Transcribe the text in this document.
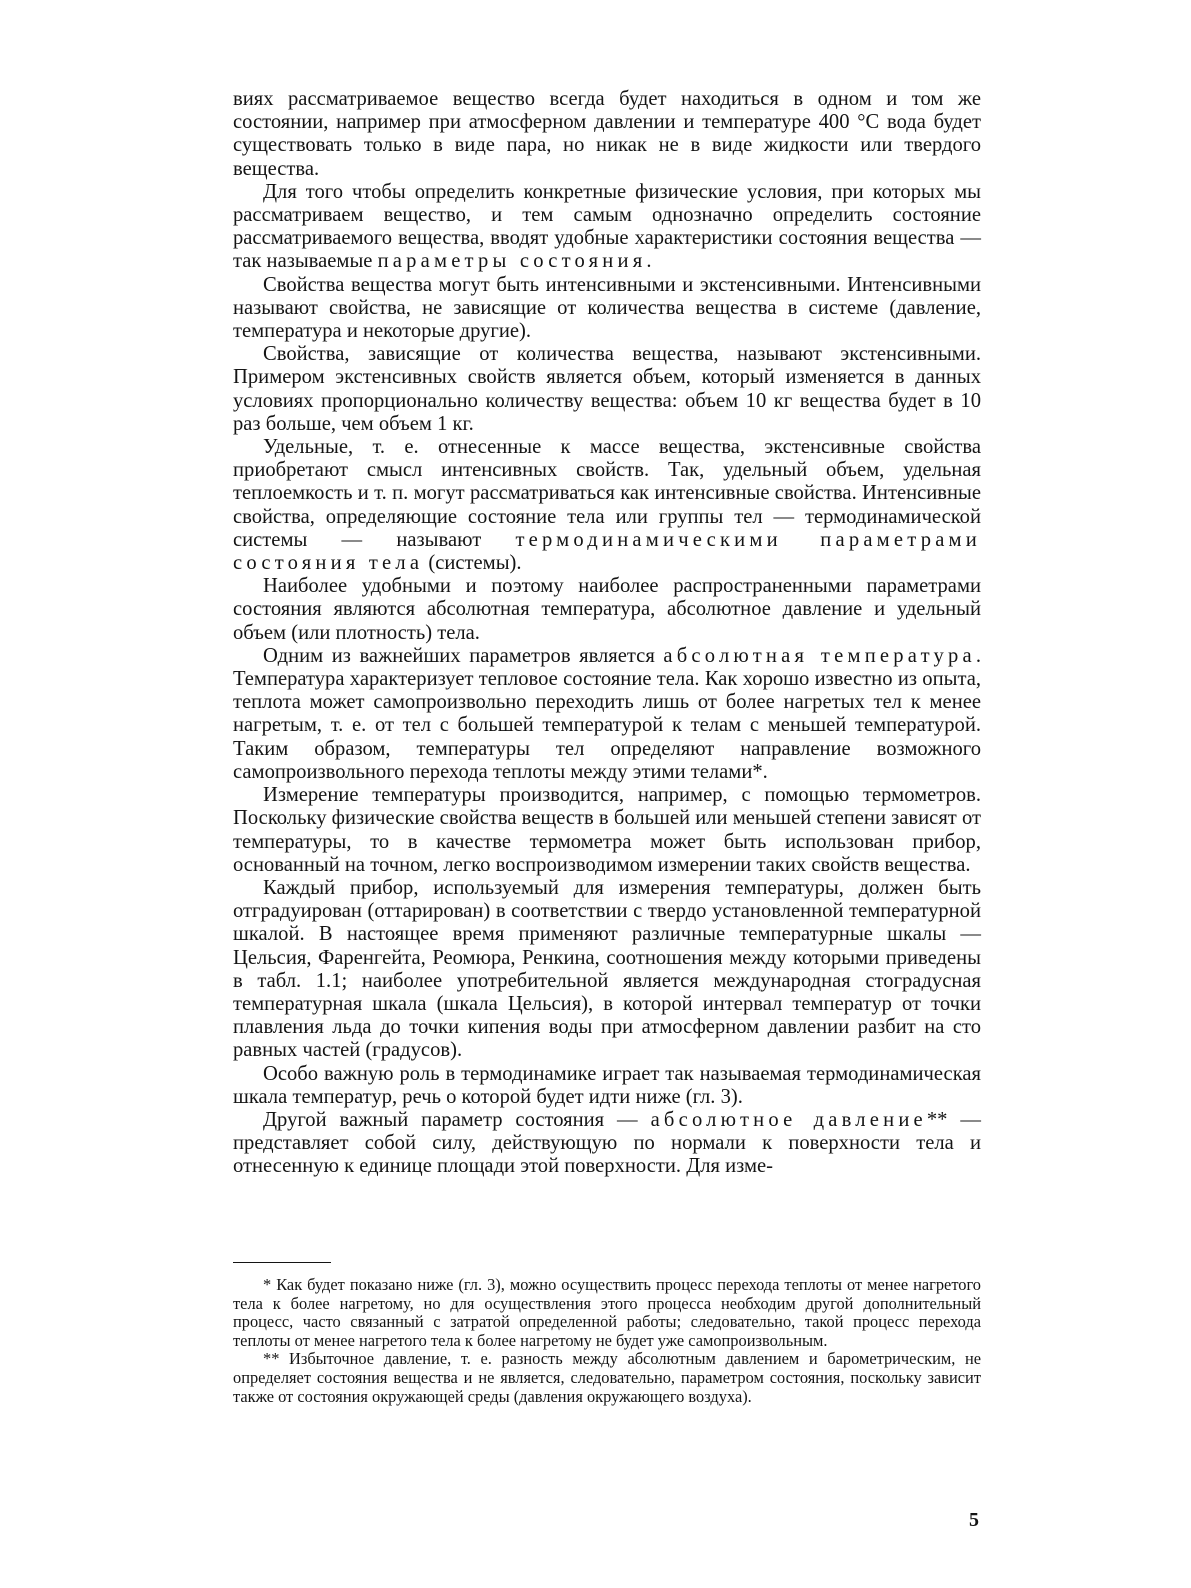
виях рассматриваемое вещество всегда будет находиться в одном и том же состоянии, например при атмосферном давлении и температуре 400 °C вода будет существовать только в виде пара, но никак не в виде жидкости или твердого вещества.

Для того чтобы определить конкретные физические условия, при которых мы рассматриваем вещество, и тем самым однозначно определить состояние рассматриваемого вещества, вводят удобные характеристики состояния вещества — так называемые параметры состояния.

Свойства вещества могут быть интенсивными и экстенсивными. Интенсивными называют свойства, не зависящие от количества вещества в системе (давление, температура и некоторые другие).

Свойства, зависящие от количества вещества, называют экстенсивными. Примером экстенсивных свойств является объем, который изменяется в данных условиях пропорционально количеству вещества: объем 10 кг вещества будет в 10 раз больше, чем объем 1 кг.

Удельные, т. е. отнесенные к массе вещества, экстенсивные свойства приобретают смысл интенсивных свойств. Так, удельный объем, удельная теплоемкость и т. п. могут рассматриваться как интенсивные свойства. Интенсивные свойства, определяющие состояние тела или группы тел — термодинамической системы — называют термодинамическими параметрами состояния тела (системы).

Наиболее удобными и поэтому наиболее распространенными параметрами состояния являются абсолютная температура, абсолютное давление и удельный объем (или плотность) тела.

Одним из важнейших параметров является абсолютная температура. Температура характеризует тепловое состояние тела. Как хорошо известно из опыта, теплота может самопроизвольно переходить лишь от более нагретых тел к менее нагретым, т. е. от тел с большей температурой к телам с меньшей температурой. Таким образом, температуры тел определяют направление возможного самопроизвольного перехода теплоты между этими телами*.

Измерение температуры производится, например, с помощью термометров. Поскольку физические свойства веществ в большей или меньшей степени зависят от температуры, то в качестве термометра может быть использован прибор, основанный на точном, легко воспроизводимом измерении таких свойств вещества.

Каждый прибор, используемый для измерения температуры, должен быть отградуирован (оттарирован) в соответствии с твердо установленной температурной шкалой. В настоящее время применяют различные температурные шкалы — Цельсия, Фаренгейта, Реомюра, Ренкина, соотношения между которыми приведены в табл. 1.1; наиболее употребительной является международная стоградусная температурная шкала (шкала Цельсия), в которой интервал температур от точки плавления льда до точки кипения воды при атмосферном давлении разбит на сто равных частей (градусов).

Особо важную роль в термодинамике играет так называемая термодинамическая шкала температур, речь о которой будет идти ниже (гл. 3).

Другой важный параметр состояния — абсолютное давление** — представляет собой силу, действующую по нормали к поверхности тела и отнесенную к единице площади этой поверхности. Для изме-

* Как будет показано ниже (гл. 3), можно осуществить процесс перехода теплоты от менее нагретого тела к более нагретому, но для осуществления этого процесса необходим другой дополнительный процесс, часто связанный с затратой определенной работы; следовательно, такой процесс перехода теплоты от менее нагретого тела к более нагретому не будет уже самопроизвольным.

** Избыточное давление, т. е. разность между абсолютным давлением и барометрическим, не определяет состояния вещества и не является, следовательно, параметром состояния, поскольку зависит также от состояния окружающей среды (давления окружающего воздуха).

5
